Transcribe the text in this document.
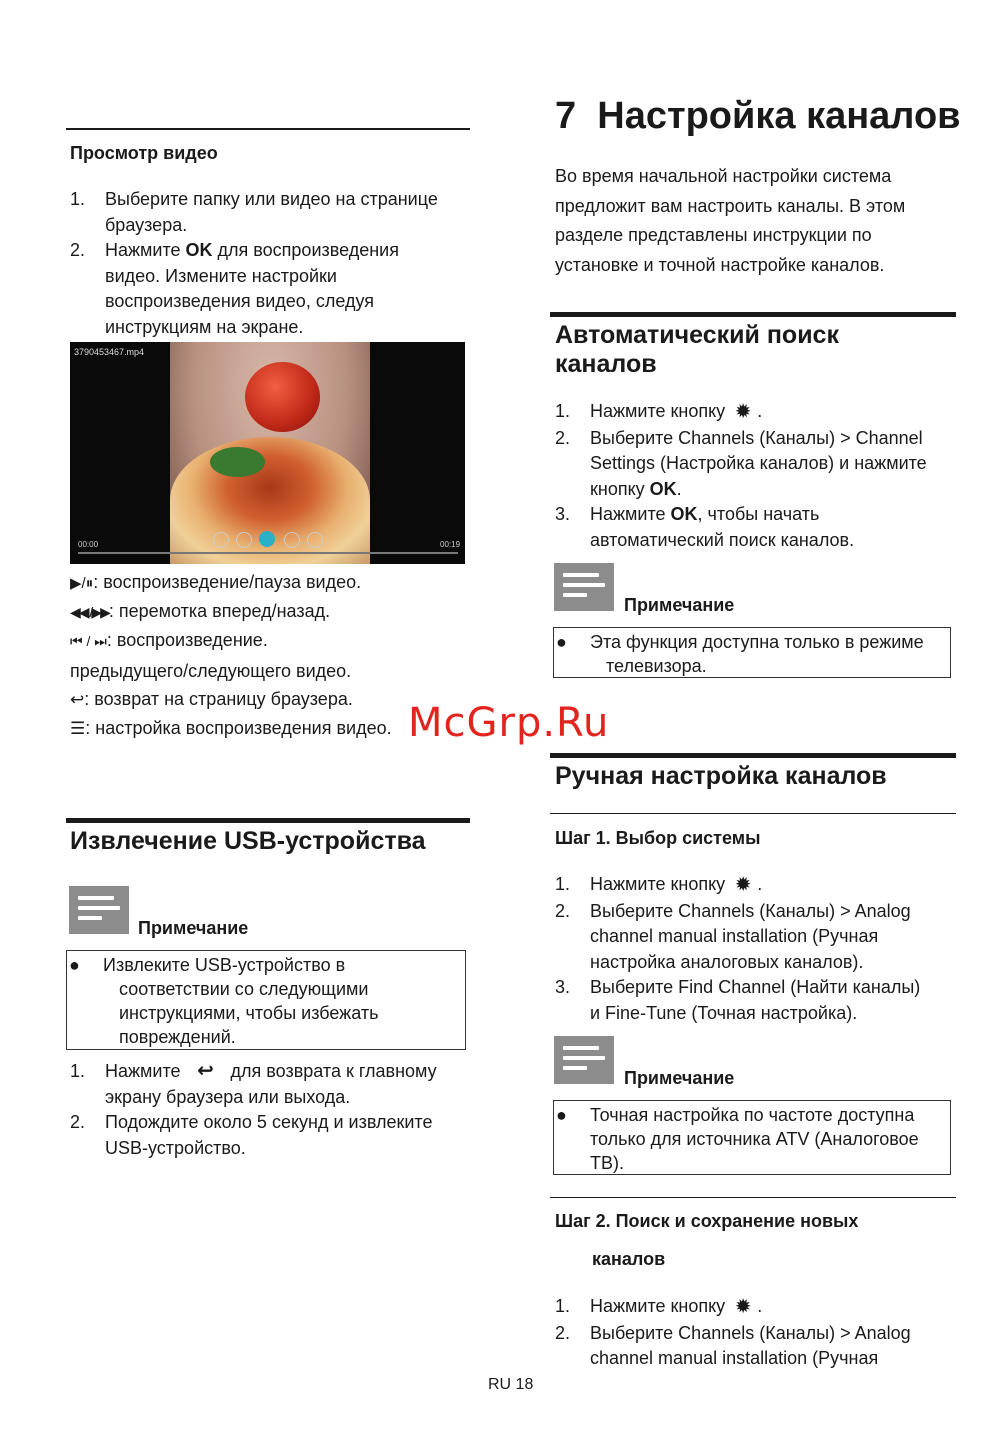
Просмотр видео
1. Выберите папку или видео на странице
браузера.
2. Нажмите OK для воспроизведения
видео. Измените настройки
воспроизведения видео, следуя
инструкциям на экране.
3790453467.mp4
00:00	00:19
▶/⏸: воспроизведение/пауза видео.
◀◀ /▶▶: перемотка вперед/назад.
⏮ / ⏭: воспроизведение.
предыдущего/следующего видео.
↩: возврат на страницу браузера.
☰: настройка воспроизведения видео.
Извлечение USB-устройства
Примечание
● Извлеките USB-устройство в
соответствии со следующими
инструкциями, чтобы избежать
повреждений.
1. Нажмите ↩ для возврата к главному
экрану браузера или выхода.
2. Подождите около 5 секунд и извлеките
USB-устройство.
7  Настройка каналов
Во время начальной настройки система
предложит вам настроить каналы. В этом
разделе представлены инструкции по
установке и точной настройке каналов.
Автоматический поиск
каналов
1. Нажмите кнопку ✹ .
2. Выберите Channels (Каналы) > Channel
Settings (Настройка каналов) и нажмите
кнопку OK.
3. Нажмите OK, чтобы начать
автоматический поиск каналов.
Примечание
● Эта функция доступна только в режиме
телевизора.
Ручная настройка каналов
Шаг 1. Выбор системы
1. Нажмите кнопку ✹ .
2. Выберите Channels (Каналы) > Analog
channel manual installation (Ручная
настройка аналоговых каналов).
3. Выберите Find Channel (Найти каналы)
и Fine-Tune (Точная настройка).
Примечание
● Точная настройка по частоте доступна
только для источника ATV (Аналоговое
ТВ).
Шаг 2. Поиск и сохранение новых
каналов
1. Нажмите кнопку ✹ .
2. Выберите Channels (Каналы) > Analog
channel manual installation (Ручная
RU 18
McGrp.Ru
